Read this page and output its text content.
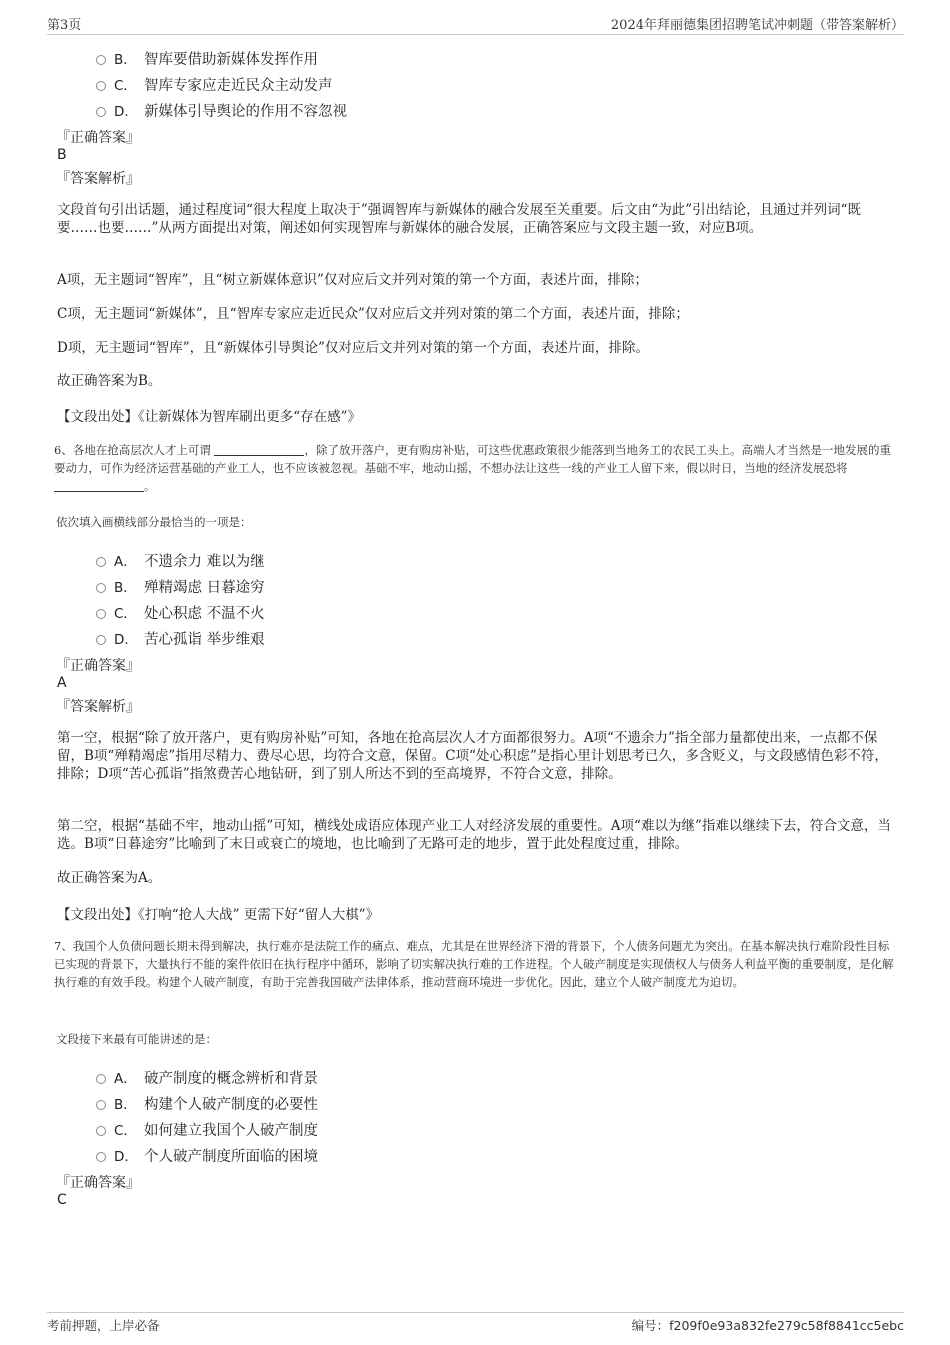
第3页	2024年拜丽德集团招聘笔试冲刺题（带答案解析）
B． 智库要借助新媒体发挥作用
C． 智库专家应走近民众主动发声
D． 新媒体引导舆论的作用不容忽视
『正确答案』
B
『答案解析』

文段首句引出话题，通过程度词“很大程度上取决于”强调智库与新媒体的融合发展至关重要。后文由“为此”引出结论，且通过并列词“既要……也要……”从两方面提出对策，阐述如何实现智库与新媒体的融合发展，正确答案应与文段主题一致，对应B项。

A项，无主题词“智库”，且“树立新媒体意识”仅对应后文并列对策的第一个方面，表述片面，排除；

C项，无主题词“新媒体”，且“智库专家应走近民众”仅对应后文并列对策的第二个方面，表述片面，排除；

D项，无主题词“智库”，且“新媒体引导舆论”仅对应后文并列对策的第一个方面，表述片面，排除。

故正确答案为B。

【文段出处】《让新媒体为智库刷出更多“存在感”》

6、各地在抢高层次人才上可谓	，除了放开落户，更有购房补贴，可这些优惠政策很少能落到当地务工的农民工头上。高端人才当然是一地发展的重要动力，可作为经济运营基础的产业工人，也不应该被忽视。基础不牢，地动山摇，不想办法让这些一线的产业工人留下来，假以时日，当地的经济发展恐将 。

依次填入画横线部分最恰当的一项是：
A． 不遗余力 难以为继
B． 殚精竭虑 日暮途穷
C． 处心积虑 不温不火
D． 苦心孤诣 举步维艰
『正确答案』
A
『答案解析』

第一空，根据“除了放开落户，更有购房补贴”可知，各地在抢高层次人才方面都很努力。A项“不遗余力”指全部力量都使出来，一点都不保留，B项“殚精竭虑”指用尽精力、费尽心思，均符合文意，保留。C项“处心积虑”是指心里计划思考已久，多含贬义，与文段感情色彩不符，排除；D项“苦心孤诣”指煞费苦心地钻研，到了别人所达不到的至高境界，不符合文意，排除。

第二空，根据“基础不牢，地动山摇”可知，横线处成语应体现产业工人对经济发展的重要性。A项“难以为继”指难以继续下去，符合文意，当选。B项“日暮途穷”比喻到了末日或衰亡的境地，也比喻到了无路可走的地步，置于此处程度过重，排除。

故正确答案为A。

【文段出处】《打响“抢人大战” 更需下好“留人大棋”》

7、我国个人负债问题长期未得到解决，执行难亦是法院工作的痛点、难点，尤其是在世界经济下滑的背景下，个人债务问题尤为突出。在基本解决执行难阶段性目标已实现的背景下，大量执行不能的案件依旧在执行程序中循环，影响了切实解决执行难的工作进程。个人破产制度是实现债权人与债务人利益平衡的重要制度，是化解执行难的有效手段。构建个人破产制度，有助于完善我国破产法律体系，推动营商环境进一步优化。因此，建立个人破产制度尤为迫切。

文段接下来最有可能讲述的是：
A． 破产制度的概念辨析和背景
B． 构建个人破产制度的必要性
C． 如何建立我国个人破产制度
D． 个人破产制度所面临的困境
『正确答案』
C
考前押题，上岸必备	编号：f209f0e93a832fe279c58f8841cc5ebc
